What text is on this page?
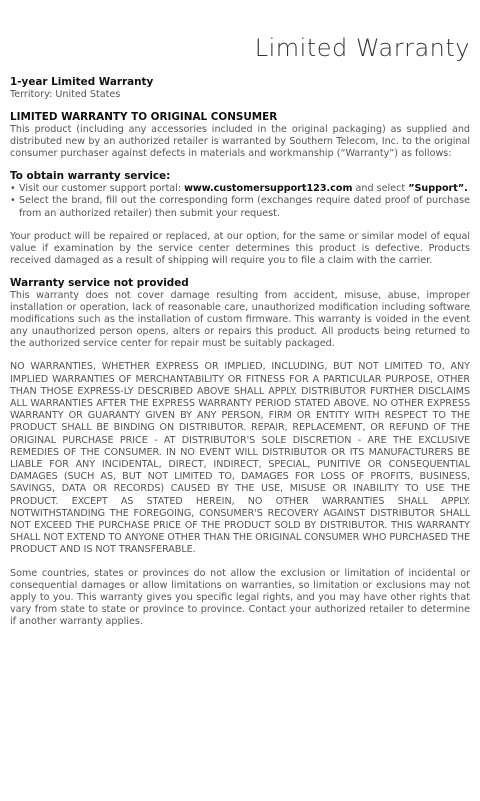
Limited Warranty
1-year Limited Warranty

Territory: United States

LIMITED WARRANTY TO ORIGINAL CONSUMER

This product (including any accessories included in the original packaging) as supplied and distributed new by an authorized retailer is warranted by Southern Telecom, Inc. to the original consumer purchaser against defects in materials and workmanship (“Warranty”) as follows:

To obtain warranty service:
• Visit our customer support portal: www.customersupport123.com and select ”Support”.
• Select the brand, fill out the corresponding form (exchanges require dated proof of purchase from an authorized retailer) then submit your request.

Your product will be repaired or replaced, at our option, for the same or similar model of equal value if examination by the service center determines this product is defective. Products received damaged as a result of shipping will require you to file a claim with the carrier.

Warranty service not provided

This warranty does not cover damage resulting from accident, misuse, abuse, improper installation or operation, lack of reasonable care, unauthorized modification including software modifications such as the installation of custom firmware. This warranty is voided in the event any unauthorized person opens, alters or repairs this product. All products being returned to the authorized service center for repair must be suitably packaged.

NO WARRANTIES, WHETHER EXPRESS OR IMPLIED, INCLUDING, BUT NOT LIMITED TO, ANY IMPLIED WARRANTIES OF MERCHANTABILITY OR FITNESS FOR A PARTICULAR PURPOSE, OTHER THAN THOSE EXPRESS-LY DESCRIBED ABOVE SHALL APPLY. DISTRIBUTOR FURTHER DISCLAIMS ALL WARRANTIES AFTER THE EXPRESS WARRANTY PERIOD STATED ABOVE. NO OTHER EXPRESS WARRANTY OR GUARANTY GIVEN BY ANY PERSON, FIRM OR ENTITY WITH RESPECT TO THE PRODUCT SHALL BE BINDING ON DISTRIBUTOR. REPAIR, REPLACEMENT, OR REFUND OF THE ORIGINAL PURCHASE PRICE - AT DISTRIBUTOR'S SOLE DISCRETION - ARE THE EXCLUSIVE REMEDIES OF THE CONSUMER. IN NO EVENT WILL DISTRIBUTOR OR ITS MANUFACTURERS BE LIABLE FOR ANY INCIDENTAL, DIRECT, INDIRECT, SPECIAL, PUNITIVE OR CONSEQUENTIAL DAMAGES (SUCH AS, BUT NOT LIMITED TO, DAMAGES FOR LOSS OF PROFITS, BUSINESS, SAVINGS, DATA OR RECORDS) CAUSED BY THE USE, MISUSE OR INABILITY TO USE THE PRODUCT. EXCEPT AS STATED HEREIN, NO OTHER WARRANTIES SHALL APPLY. NOTWITHSTANDING THE FOREGOING, CONSUMER'S RECOVERY AGAINST DISTRIBUTOR SHALL NOT EXCEED THE PURCHASE PRICE OF THE PRODUCT SOLD BY DISTRIBUTOR. THIS WARRANTY SHALL NOT EXTEND TO ANYONE OTHER THAN THE ORIGINAL CONSUMER WHO PURCHASED THE PRODUCT AND IS NOT TRANSFERABLE.

Some countries, states or provinces do not allow the exclusion or limitation of incidental or consequential damages or allow limitations on warranties, so limitation or exclusions may not apply to you. This warranty gives you specific legal rights, and you may have other rights that vary from state to state or province to province. Contact your authorized retailer to determine if another warranty applies.
